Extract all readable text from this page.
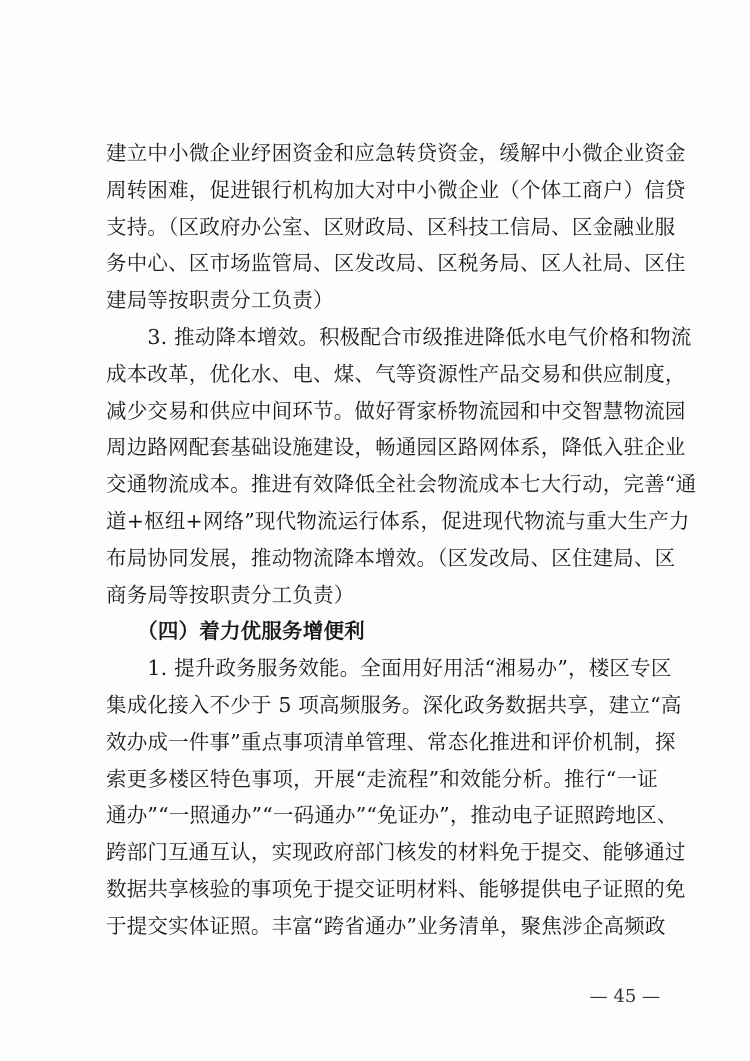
建立中小微企业纾困资金和应急转贷资金，缓解中小微企业资金
周转困难，促进银行机构加大对中小微企业（个体工商户）信贷
支持。（区政府办公室、区财政局、区科技工信局、区金融业服
务中心、区市场监管局、区发改局、区税务局、区人社局、区住
建局等按职责分工负责）
　　3. 推动降本增效。积极配合市级推进降低水电气价格和物流
成本改革，优化水、电、煤、气等资源性产品交易和供应制度，
减少交易和供应中间环节。做好胥家桥物流园和中交智慧物流园
周边路网配套基础设施建设，畅通园区路网体系，降低入驻企业
交通物流成本。推进有效降低全社会物流成本七大行动，完善“通
道+枢纽+网络”现代物流运行体系，促进现代物流与重大生产力
布局协同发展，推动物流降本增效。（区发改局、区住建局、区
商务局等按职责分工负责）
　　（四）着力优服务增便利
　　1. 提升政务服务效能。全面用好用活“湘易办”，楼区专区
集成化接入不少于 5 项高频服务。深化政务数据共享，建立“高
效办成一件事”重点事项清单管理、常态化推进和评价机制，探
索更多楼区特色事项，开展“走流程”和效能分析。推行“一证
通办”“一照通办”“一码通办”“免证办”，推动电子证照跨地区、
跨部门互通互认，实现政府部门核发的材料免于提交、能够通过
数据共享核验的事项免于提交证明材料、能够提供电子证照的免
于提交实体证照。丰富“跨省通办”业务清单，聚焦涉企高频政
— 45 —
